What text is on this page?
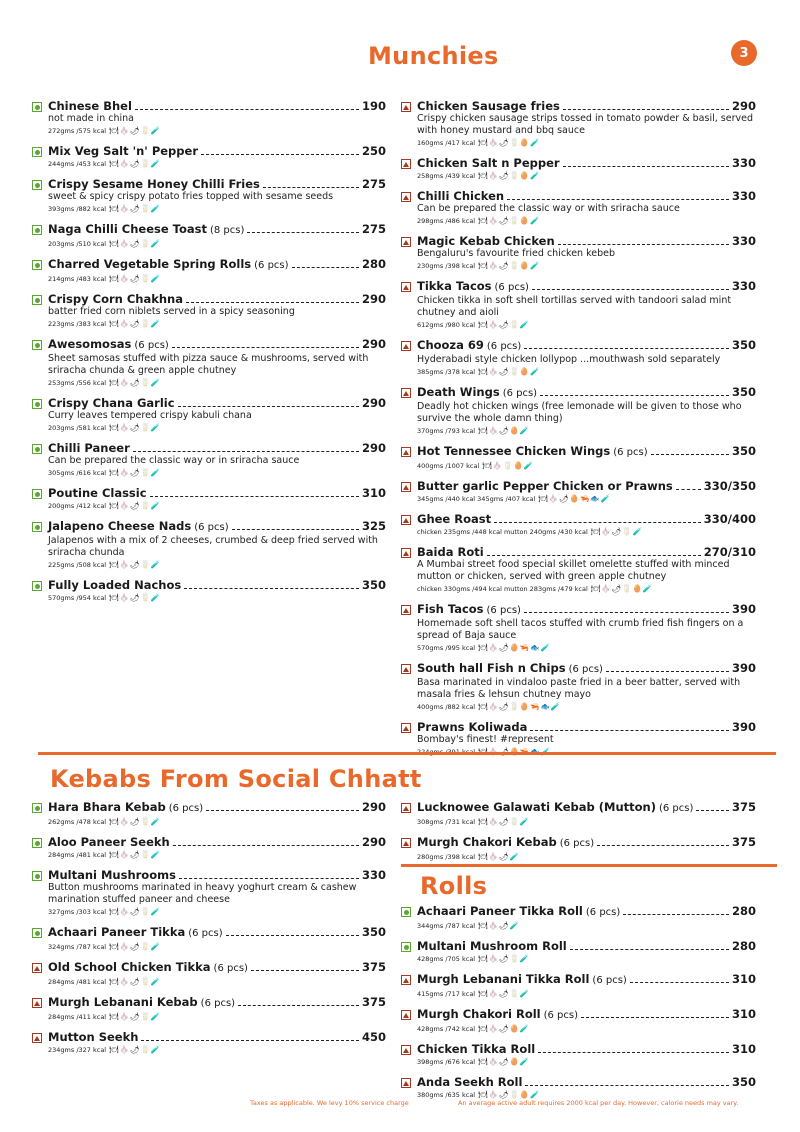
Munchies	3
Chinese Bhel	190
not made in china
272gms /575 kcal 🍽🧄🌶🥛🧪
Mix Veg Salt 'n' Pepper	250
244gms /453 kcal 🍽🧄🌶🥛🧪
Crispy Sesame Honey Chilli Fries	275
sweet & spicy crispy potato fries topped with sesame seeds
393gms /882 kcal 🍽🧄🌶🥛🧪
Naga Chilli Cheese Toast (8 pcs)	275
203gms /510 kcal 🍽🧄🌶🥛🧪
Charred Vegetable Spring Rolls (6 pcs)	280
214gms /483 kcal 🍽🧄🌶🥛🧪
Crispy Corn Chakhna	290
batter fried corn niblets served in a spicy seasoning
223gms /383 kcal 🍽🧄🌶🥛🧪
Awesomosas (6 pcs)	290
Sheet samosas stuffed with pizza sauce & mushrooms, served with sriracha chunda & green apple chutney
253gms /556 kcal 🍽🧄🌶🥛🧪
Crispy Chana Garlic	290
Curry leaves tempered crispy kabuli chana
203gms /581 kcal 🍽🧄🌶🥛🧪
Chilli Paneer	290
Can be prepared the classic way or in sriracha sauce
305gms /616 kcal 🍽🧄🌶🥛🧪
Poutine Classic	310
200gms /412 kcal 🍽🧄🌶🥛🧪
Jalapeno Cheese Nads (6 pcs)	325
Jalapenos with a mix of 2 cheeses, crumbed & deep fried served with sriracha chunda
225gms /508 kcal 🍽🧄🌶🥛🧪
Fully Loaded Nachos	350
570gms /954 kcal 🍽🧄🌶🥛🧪
Chicken Sausage fries	290
Crispy chicken sausage strips tossed in tomato powder & basil, served with honey mustard and bbq sauce
160gms /417 kcal 🍽🧄🌶🥛🥚🧪
Chicken Salt n Pepper	330
258gms /439 kcal 🍽🧄🌶🥛🥚🧪
Chilli Chicken	330
Can be prepared the classic way or with sriracha sauce
298gms /486 kcal 🍽🧄🌶🥛🥚🧪
Magic Kebab Chicken	330
Bengaluru's favourite fried chicken kebeb
230gms /398 kcal 🍽🧄🌶🥛🥚🧪
Tikka Tacos (6 pcs)	330
Chicken tikka in soft shell tortillas served with tandoori salad mint chutney and aioli
612gms /980 kcal 🍽🧄🌶🥛🧪
Chooza 69 (6 pcs)	350
Hyderabadi style chicken lollypop ...mouthwash sold separately
385gms /378 kcal 🍽🧄🌶🥛🥚🧪
Death Wings (6 pcs)	350
Deadly hot chicken wings (free lemonade will be given to those who survive the whole damn thing)
370gms /793 kcal 🍽🧄🌶🥚🧪
Hot Tennessee Chicken Wings (6 pcs)	350
400gms /1007 kcal 🍽🧄🥛🥚🧪
Butter garlic Pepper Chicken or Prawns	330/350
345gms /440 kcal 345gms /407 kcal 🍽🧄🌶🥚🦐🐟🧪
Ghee Roast	330/400
chicken 235gms /448 kcal mutton 240gms /430 kcal 🍽🧄🌶🥛🧪
Baida Roti	270/310
A Mumbai street food special skillet omelette stuffed with minced mutton or chicken, served with green apple chutney
chicken 330gms /494 kcal mutton 283gms /479 kcal 🍽🧄🌶🥛🥚🧪
Fish Tacos (6 pcs)	390
Homemade soft shell tacos stuffed with crumb fried fish fingers on a spread of Baja sauce
570gms /995 kcal 🍽🧄🌶🥚🦐🐟🧪
South hall Fish n Chips (6 pcs)	390
Basa marinated in vindaloo paste fried in a beer batter, served with masala fries & lehsun chutney mayo
400gms /882 kcal 🍽🧄🌶🥛🥚🦐🐟🧪
Prawns Koliwada	390
Bombay's finest! #represent
Kebabs From Social Chhatt
Hara Bhara Kebab (6 pcs)	290
262gms /478 kcal 🍽🧄🌶🥛🧪
Aloo Paneer Seekh	290
284gms /481 kcal 🍽🧄🌶🥛🧪
Multani Mushrooms	330
Button mushrooms marinated in heavy yoghurt cream & cashew marination stuffed paneer and cheese
327gms /303 kcal 🍽🧄🌶🥛🧪
Achaari Paneer Tikka (6 pcs)	350
324gms /787 kcal 🍽🧄🌶🥛🧪
Old School Chicken Tikka (6 pcs)	375
284gms /481 kcal 🍽🧄🌶🥛🧪
Murgh Lebanani Kebab (6 pcs)	375
284gms /411 kcal 🍽🧄🌶🥛🧪
Mutton Seekh	450
234gms /327 kcal 🍽🧄🌶🥛🧪
Lucknowee Galawati Kebab (Mutton) (6 pcs)	375
308gms /731 kcal 🍽🧄🌶🥛🧪
Murgh Chakori Kebab (6 pcs)	375
280gms /398 kcal 🍽🧄🌶🧪
Rolls
Achaari Paneer Tikka Roll (6 pcs)	280
344gms /787 kcal 🍽🧄🌶🧪
Multani Mushroom Roll	280
428gms /705 kcal 🍽🧄🌶🥛🧪
Murgh Lebanani Tikka Roll (6 pcs)	310
415gms /717 kcal 🍽🧄🌶🥛🧪
Murgh Chakori Roll (6 pcs)	310
428gms /742 kcal 🍽🧄🌶🥚🧪
Chicken Tikka Roll	310
398gms /676 kcal 🍽🧄🌶🥚🧪
Anda Seekh Roll	350
380gms /635 kcal 🍽🧄🌶🥛🥚🧪
Taxes as applicable. We levy 10% service charge	An average active adult requires 2000 kcal per day. However, calorie needs may vary.
